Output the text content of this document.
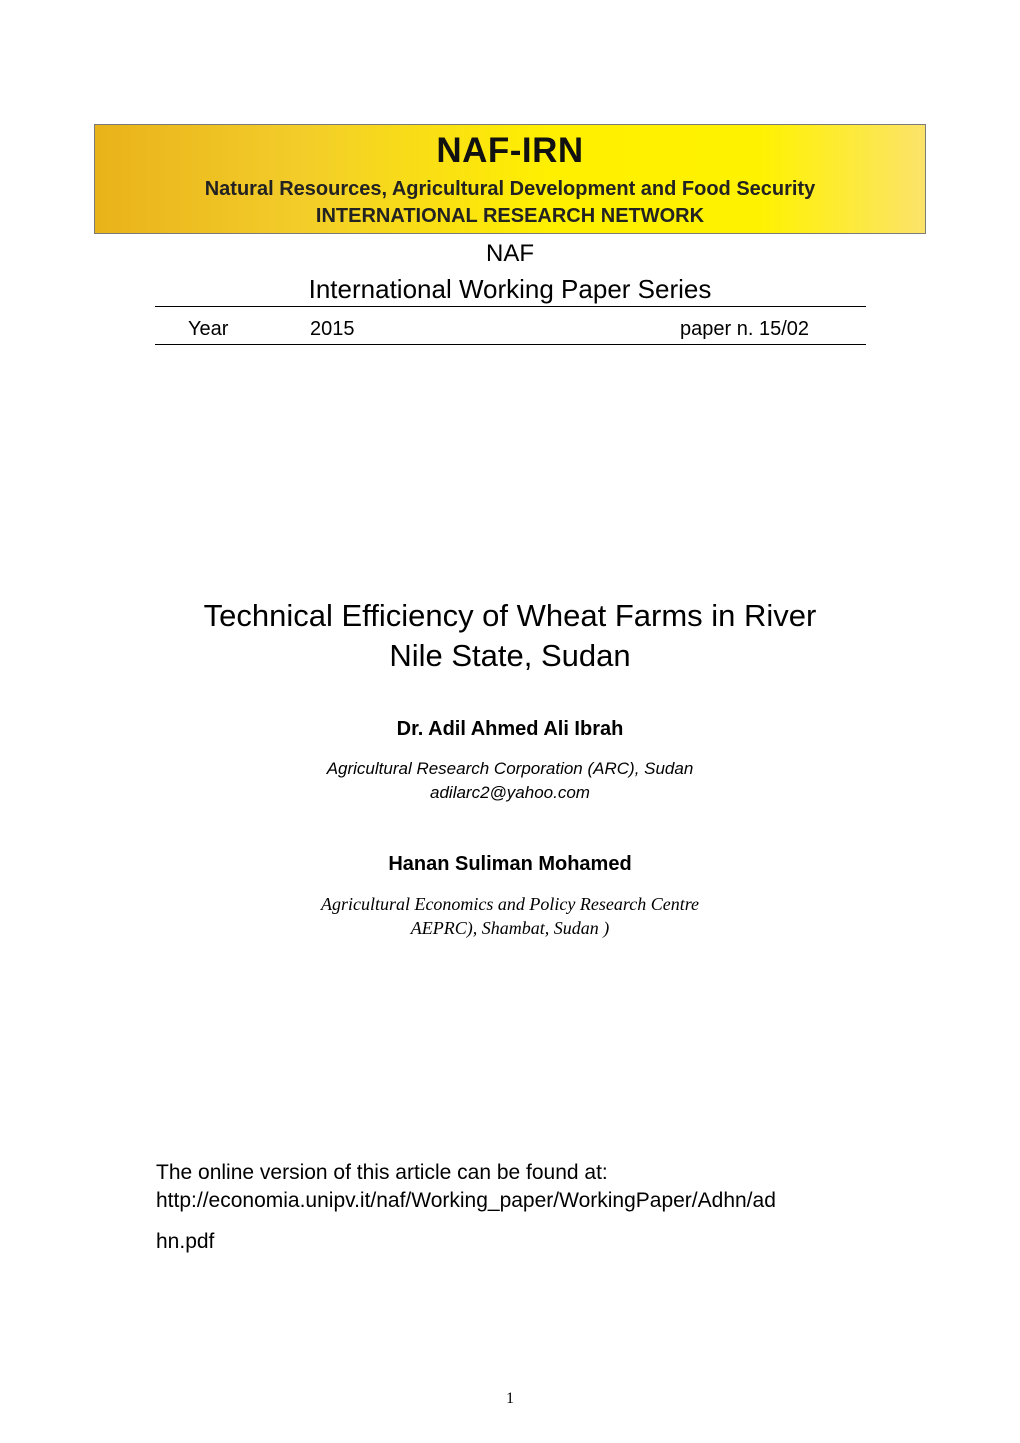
NAF-IRN
Natural Resources, Agricultural Development and Food Security
INTERNATIONAL RESEARCH NETWORK
NAF
International Working Paper Series
Year	2015	paper n. 15/02
Technical Efficiency of Wheat Farms in River
Nile State, Sudan
Dr. Adil Ahmed Ali Ibrah
Agricultural Research Corporation (ARC), Sudan
adilarc2@yahoo.com
Hanan Suliman Mohamed
Agricultural Economics and Policy Research Centre
AEPRC), Shambat, Sudan )
The online version of this article can be found at:
http://economia.unipv.it/naf/Working_paper/WorkingPaper/Adhn/ad
hn.pdf
1
